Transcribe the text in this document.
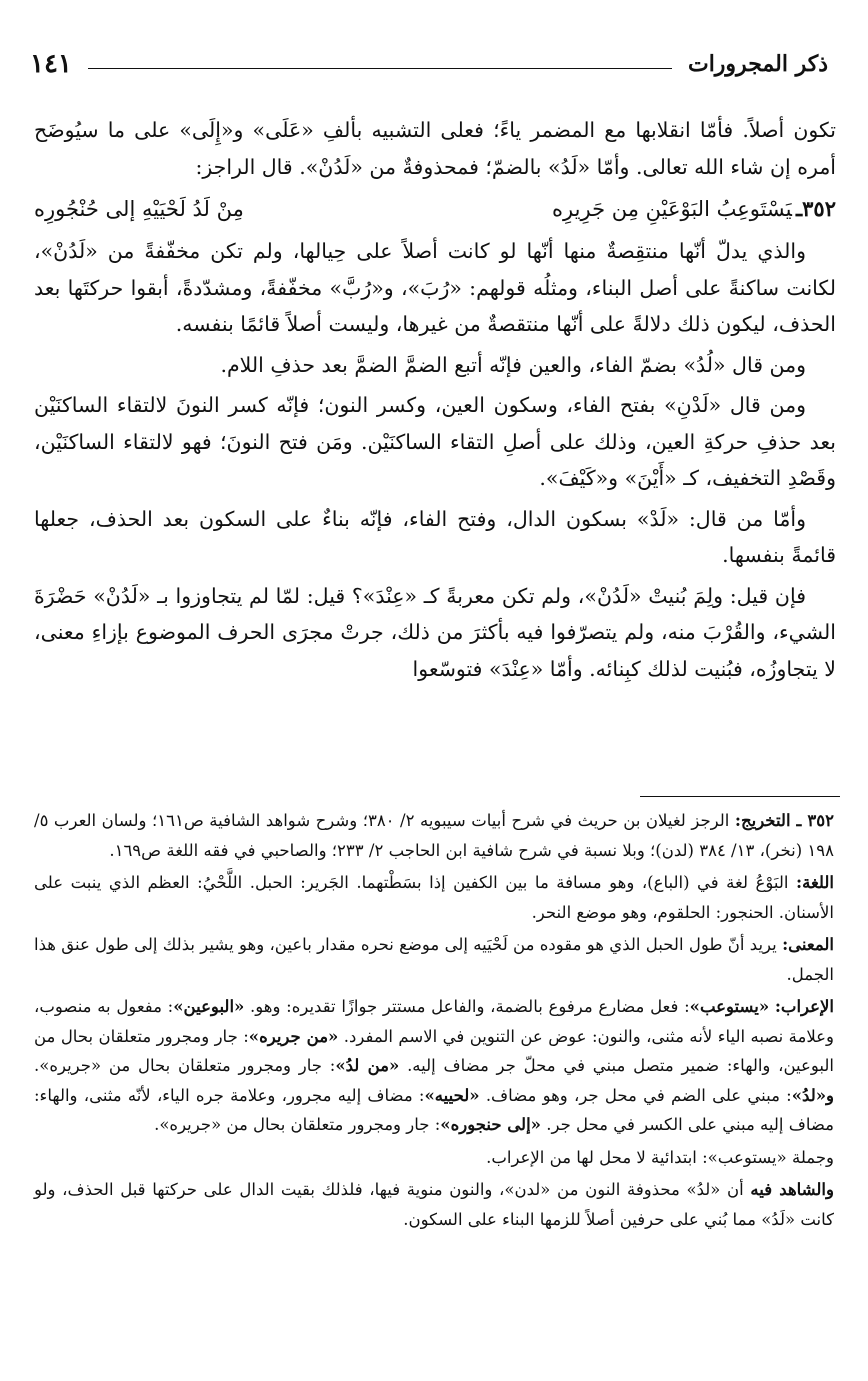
ذكر المجرورات
١٤١

تكون أصلاً. فأمّا انقلابها مع المضمر ياءً؛ فعلى التشبيه بألفِ «عَلَى» و«إِلَى» على ما سيُوضَح أمره إن شاء الله تعالى. وأمّا «لَدُ» بالضمّ؛ فمحذوفةٌ من «لَدُنْ». قال الراجز:

٣٥٢ـيَسْتَوعِبُ البَوْعَيْنِ مِن جَرِيرِه
مِنْ لَدُ لَحْيَيْهِ إلى حُنْجُورِه

والذي يدلّ أنّها منتقِصةٌ منها أنّها لو كانت أصلاً على حِيالها، ولم تكن مخفّفةً من «لَدُنْ»، لكانت ساكنةً على أصل البناء، ومثلُه قولهم: «رُبَ»، و«رُبَّ» مخفّفةً، ومشدّدةً، أبقوا حركتَها بعد الحذف، ليكون ذلك دلالةً على أنّها منتقصةٌ من غيرها، وليست أصلاً قائمًا بنفسه.

ومن قال «لُدُ» بضمّ الفاء، والعين فإنّه أتبع الضمَّ الضمَّ بعد حذفِ اللام.

ومن قال «لَدْنِ» بفتح الفاء، وسكون العين، وكسر النون؛ فإنّه كسر النونَ لالتقاء الساكنَيْن بعد حذفِ حركةِ العين، وذلك على أصلِ التقاء الساكنَيْن. ومَن فتح النونَ؛ فهو لالتقاء الساكنَيْن، وقَصْدِ التخفيف، كـ «أَيْنَ» و«كَيْفَ».

وأمّا من قال: «لَدْ» بسكون الدال، وفتح الفاء، فإنّه بناءٌ على السكون بعد الحذف، جعلها قائمةً بنفسها.

فإن قيل: ولِمَ بُنيتْ «لَدُنْ»، ولم تكن معربةً كـ «عِنْدَ»؟ قيل: لمّا لم يتجاوزوا بـ «لَدُنْ» حَضْرَةَ الشيء، والقُرْبَ منه، ولم يتصرّفوا فيه بأكثرَ من ذلك، جرتْ مجرَى الحرف الموضوع بإزاءِ معنى، لا يتجاوزُه، فبُنيت لذلك كبِنائه. وأمّا «عِنْدَ» فتوسّعوا

٣٥٢ ـ التخريج: الرجز لغيلان بن حريث في شرح أبيات سيبويه ٢/ ٣٨٠؛ وشرح شواهد الشافية ص١٦١؛ ولسان العرب ٥/ ١٩٨ (نخر)، ١٣/ ٣٨٤ (لدن)؛ وبلا نسبة في شرح شافية ابن الحاجب ٢/ ٢٣٣؛ والصاحبي في فقه اللغة ص١٦٩.

اللغة: البَوْعُ لغة في (الباع)، وهو مسافة ما بين الكفين إذا بسَطْتهما. الجَرير: الحبل. اللَّحْيُ: العظم الذي ينبت على الأسنان. الحنجور: الحلقوم، وهو موضع النحر.

المعنى: يريد أنّ طول الحبل الذي هو مقوده من لَحْيَيه إلى موضع نحره مقدار باعين، وهو يشير بذلك إلى طول عنق هذا الجمل.

الإعراب: «يستوعب»: فعل مضارع مرفوع بالضمة، والفاعل مستتر جوازًا تقديره: وهو. «البوعين»: مفعول به منصوب، وعلامة نصبه الياء لأنه مثنى، والنون: عوض عن التنوين في الاسم المفرد. «من جريره»: جار ومجرور متعلقان بحال من البوعين، والهاء: ضمير متصل مبني في محلّ جر مضاف إليه. «من لدُ»: جار ومجرور متعلقان بحال من «جريره». و«لدُ»: مبني على الضم في محل جر، وهو مضاف. «لحييه»: مضاف إليه مجرور، وعلامة جره الياء، لأنّه مثنى، والهاء: مضاف إليه مبني على الكسر في محل جر. «إلى حنجوره»: جار ومجرور متعلقان بحال من «جريره».

وجملة «يستوعب»: ابتدائية لا محل لها من الإعراب.

والشاهد فيه أن «لدُ» محذوفة النون من «لدن»، والنون منوية فيها، فلذلك بقيت الدال على حركتها قبل الحذف، ولو كانت «لَدُ» مما بُني على حرفين أصلاً للزمها البناء على السكون.
